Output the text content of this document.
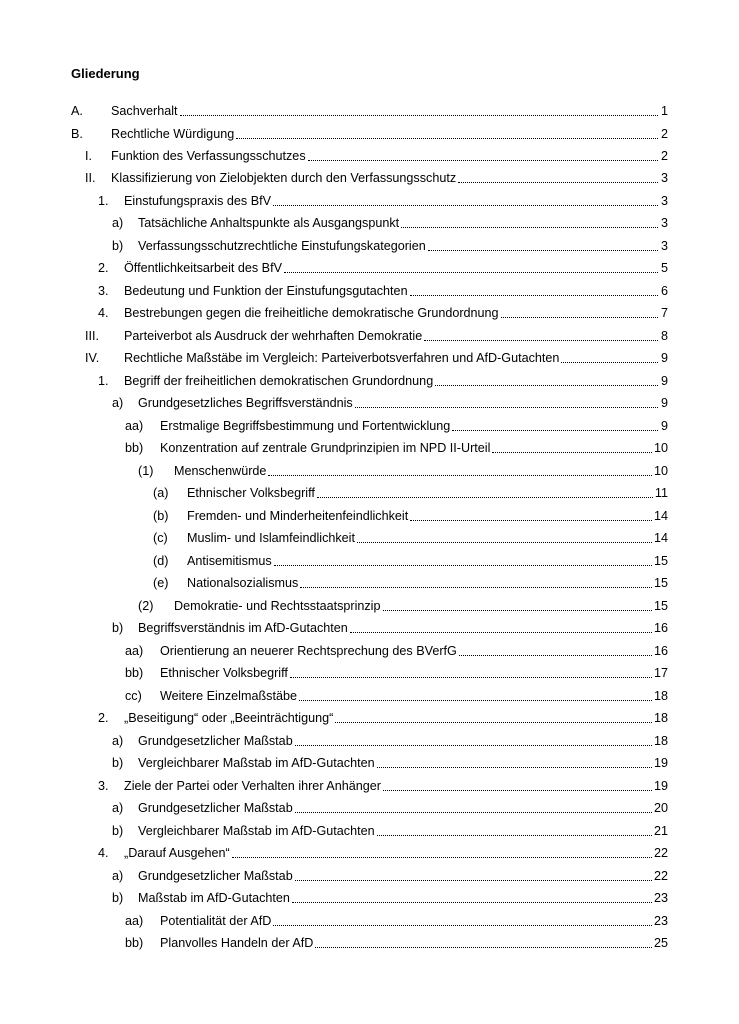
Gliederung
A.	Sachverhalt	1
B.	Rechtliche Würdigung	2
I.	Funktion des Verfassungsschutzes	2
II.	Klassifizierung von Zielobjekten durch den Verfassungsschutz	3
1.	Einstufungspraxis des BfV	3
a)	Tatsächliche Anhaltspunkte als Ausgangspunkt	3
b)	Verfassungsschutzrechtliche Einstufungskategorien	3
2.	Öffentlichkeitsarbeit des BfV	5
3.	Bedeutung und Funktion der Einstufungsgutachten	6
4.	Bestrebungen gegen die freiheitliche demokratische Grundordnung	7
III.	Parteiverbot als Ausdruck der wehrhaften Demokratie	8
IV.	Rechtliche Maßstäbe im Vergleich: Parteiverbotsverfahren und AfD-Gutachten	9
1.	Begriff der freiheitlichen demokratischen Grundordnung	9
a)	Grundgesetzliches Begriffsverständnis	9
aa)	Erstmalige Begriffsbestimmung und Fortentwicklung	9
bb)	Konzentration auf zentrale Grundprinzipien im NPD II-Urteil	10
(1)	Menschenwürde	10
(a)	Ethnischer Volksbegriff	11
(b)	Fremden- und Minderheitenfeindlichkeit	14
(c)	Muslim- und Islamfeindlichkeit	14
(d)	Antisemitismus	15
(e)	Nationalsozialismus	15
(2)	Demokratie- und Rechtsstaatsprinzip	15
b)	Begriffsverständnis im AfD-Gutachten	16
aa)	Orientierung an neuerer Rechtsprechung des BVerfG	16
bb)	Ethnischer Volksbegriff	17
cc)	Weitere Einzelmaßstäbe	18
2.	„Beseitigung“ oder „Beeinträchtigung“	18
a)	Grundgesetzlicher Maßstab	18
b)	Vergleichbarer Maßstab im AfD-Gutachten	19
3.	Ziele der Partei oder Verhalten ihrer Anhänger	19
a)	Grundgesetzlicher Maßstab	20
b)	Vergleichbarer Maßstab im AfD-Gutachten	21
4.	„Darauf Ausgehen“	22
a)	Grundgesetzlicher Maßstab	22
b)	Maßstab im AfD-Gutachten	23
aa)	Potentialität der AfD	23
bb)	Planvolles Handeln der AfD	25
